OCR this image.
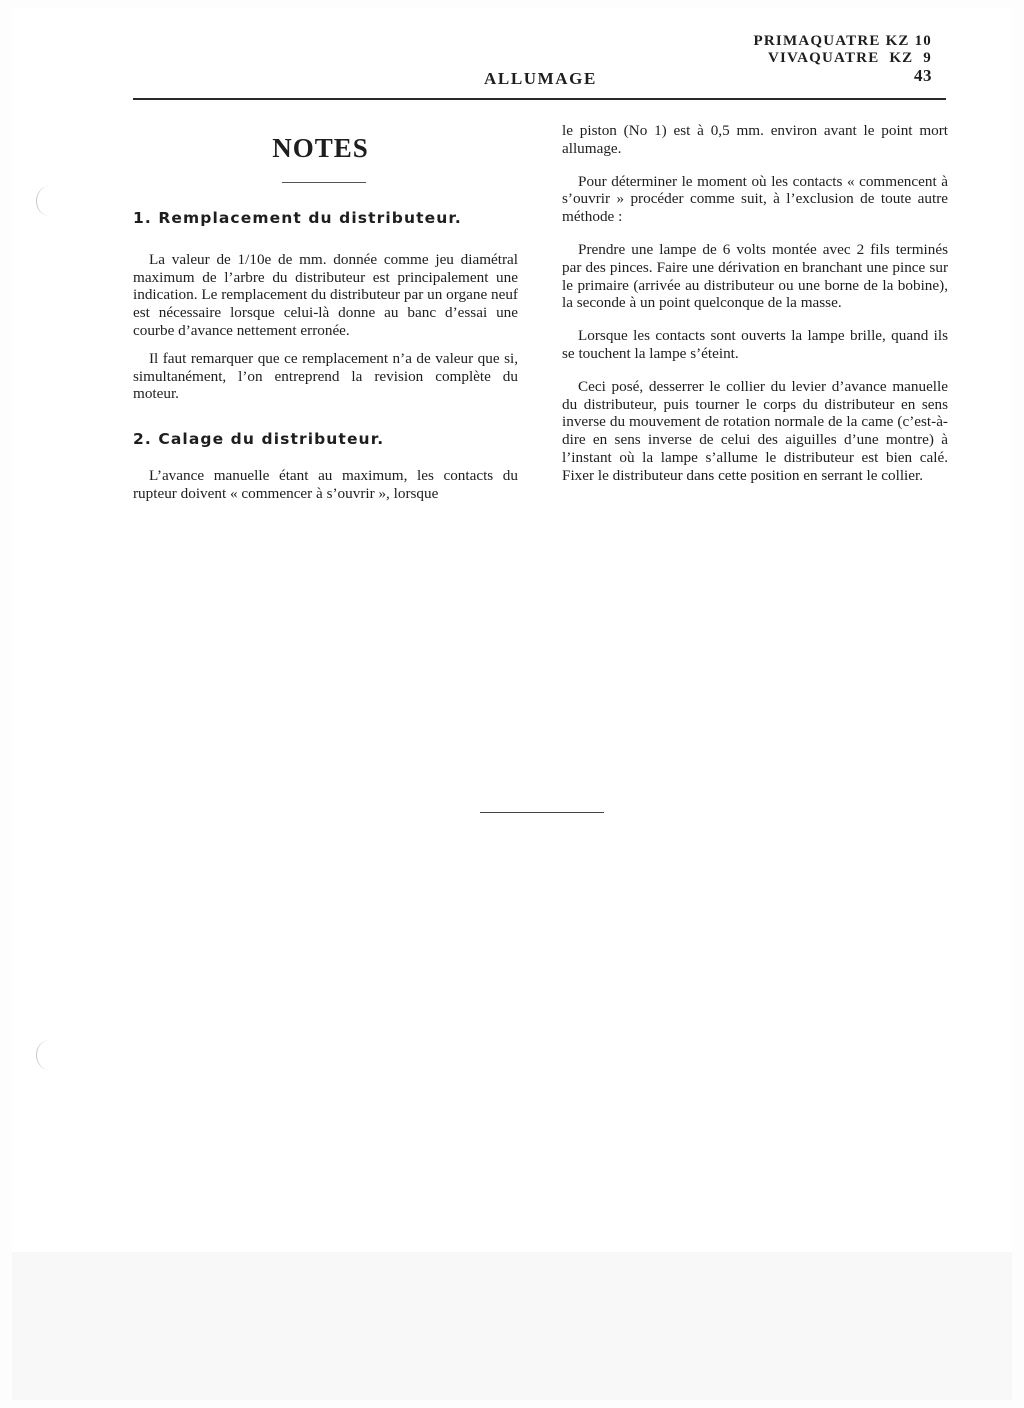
PRIMAQUATRE KZ 10
VIVAQUATRE  KZ  9
43
ALLUMAGE
NOTES
1. Remplacement du distributeur.

La valeur de 1/10e de mm. donnée comme jeu diamétral maximum de l’arbre du distributeur est principalement une indication. Le remplacement du distributeur par un organe neuf est nécessaire lorsque celui-là donne au banc d’essai une courbe d’avance nettement erronée.

Il faut remarquer que ce remplacement n’a de valeur que si, simultanément, l’on entreprend la revision complète du moteur.

2. Calage du distributeur.

L’avance manuelle étant au maximum, les contacts du rupteur doivent « commencer à s’ouvrir », lorsque

le piston (No 1) est à 0,5 mm. environ avant le point mort allumage.

Pour déterminer le moment où les contacts « commencent à s’ouvrir » procéder comme suit, à l’exclusion de toute autre méthode :

Prendre une lampe de 6 volts montée avec 2 fils terminés par des pinces. Faire une dérivation en branchant une pince sur le primaire (arrivée au distributeur ou une borne de la bobine), la seconde à un point quelconque de la masse.

Lorsque les contacts sont ouverts la lampe brille, quand ils se touchent la lampe s’éteint.

Ceci posé, desserrer le collier du levier d’avance manuelle du distributeur, puis tourner le corps du distributeur en sens inverse du mouvement de rotation normale de la came (c’est-à-dire en sens inverse de celui des aiguilles d’une montre) à l’instant où la lampe s’allume le distributeur est bien calé. Fixer le distributeur dans cette position en serrant le collier.
